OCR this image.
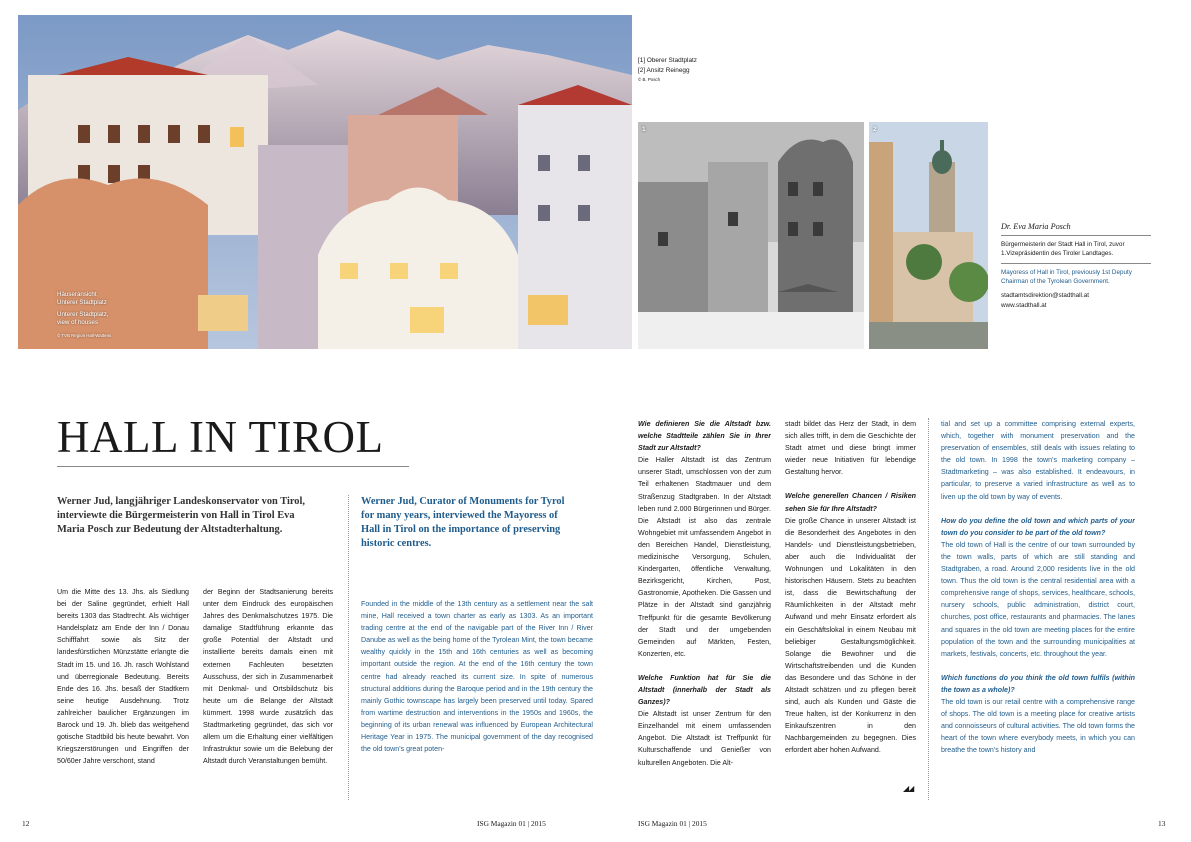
Häuseransicht
Unterer Stadtplatz
Unterer Stadtplatz,
view of houses
© TVB Region Hall-Wattens
1	2
[1] Oberer Stadtplatz
[2] Ansitz Reinegg
© B. Posch
Dr. Eva Maria Posch
Bürgermeisterin der Stadt Hall in Tirol, zuvor 1.Vizepräsidentin des Tiroler Landtages.
Mayoress of Hall in Tirol, previously 1st Deputy Chairman of the Tyrolean Government.
stadtamtsdirektion@stadthall.at
www.stadthall.at
HALL IN TIROL
Werner Jud, langjähriger Landeskonservator von Tirol, interviewte die Bürgermeisterin von Hall in Tirol Eva Maria Posch zur Bedeutung der Altstadterhaltung.
Werner Jud, Curator of Monuments for Tyrol for many years, interviewed the Mayoress of Hall in Tirol on the importance of preserving historic centres.

Um die Mitte des 13. Jhs. als Siedlung bei der Saline gegründet, erhielt Hall bereits 1303 das Stadtrecht. Als wichtiger Handelsplatz am Ende der Inn / Donau Schifffahrt sowie als Sitz der landesfürstlichen Münzstätte erlangte die Stadt im 15. und 16. Jh. rasch Wohlstand und überregionale Bedeutung. Bereits Ende des 16. Jhs. besaß der Stadtkern seine heutige Ausdehnung. Trotz zahlreicher baulicher Ergänzungen im Barock und 19. Jh. blieb das weitgehend gotische Stadtbild bis heute bewahrt. Von Kriegszerstörungen und Eingriffen der 50/60er Jahre verschont, stand

der Beginn der Stadtsanierung bereits unter dem Eindruck des europäischen Jahres des Denkmalschutzes 1975. Die damalige Stadtführung erkannte das große Potential der Altstadt und installierte bereits damals einen mit externen Fachleuten besetzten Ausschuss, der sich in Zusammenarbeit mit Denkmal- und Ortsbildschutz bis heute um die Belange der Altstadt kümmert. 1998 wurde zusätzlich das Stadtmarketing gegründet, das sich vor allem um die Erhaltung einer vielfältigen Infrastruktur sowie um die Belebung der Altstadt durch Veranstaltungen bemüht.

Founded in the middle of the 13th century as a settlement near the salt mine, Hall received a town charter as early as 1303. As an important trading centre at the end of the navigable part of the River Inn / River Danube as well as the being home of the Tyrolean Mint, the town became wealthy quickly in the 15th and 16th centuries as well as becoming important outside the region. At the end of the 16th century the town centre had already reached its current size. In spite of numerous structural additions during the Baroque period and in the 19th century the mainly Gothic townscape has largely been preserved until today. Spared from wartime destruction and interventions in the 1950s and 1960s, the beginning of its urban renewal was influenced by European Architectural Heritage Year in 1975. The municipal government of the day recognised the old town's great poten-

Wie definieren Sie die Altstadt bzw. welche Stadtteile zählen Sie in Ihrer Stadt zur Altstadt?

Die Haller Altstadt ist das Zentrum unserer Stadt, umschlossen von der zum Teil erhaltenen Stadtmauer und dem Straßenzug Stadtgraben. In der Altstadt leben rund 2.000 Bürgerinnen und Bürger. Die Altstadt ist also das zentrale Wohngebiet mit umfassendem Angebot in den Bereichen Handel, Dienstleistung, medizinische Versorgung, Schulen, Kindergarten, öffentliche Verwaltung, Bezirksgericht, Kirchen, Post, Gastronomie, Apotheken. Die Gassen und Plätze in der Altstadt sind ganzjährig Treffpunkt für die gesamte Bevölkerung der Stadt und der umgebenden Gemeinden auf Märkten, Festen, Konzerten, etc.

Welche Funktion hat für Sie die Altstadt (innerhalb der Stadt als Ganzes)?

Die Altstadt ist unser Zentrum für den Einzelhandel mit einem umfassenden Angebot. Die Altstadt ist Treffpunkt für Kulturschaffende und Genießer von kulturellen Angeboten. Die Alt-

stadt bildet das Herz der Stadt, in dem sich alles trifft, in dem die Geschichte der Stadt atmet und diese bringt immer wieder neue Initiativen für lebendige Gestaltung hervor.

Welche generellen Chancen / Risiken sehen Sie für Ihre Altstadt?

Die große Chance in unserer Altstadt ist die Besonderheit des Angebotes in den Handels- und Dienstleistungsbetrieben, aber auch die Individualität der Wohnungen und Lokalitäten in den historischen Häusern. Stets zu beachten ist, dass die Bewirtschaftung der Räumlichkeiten in der Altstadt mehr Aufwand und mehr Einsatz erfordert als ein Geschäftslokal in einem Neubau mit beliebiger Gestaltungsmöglichkeit. Solange die Bewohner und die Wirtschaftstreibenden und die Kunden das Besondere und das Schöne in der Altstadt schätzen und zu pflegen bereit sind, auch als Kunden und Gäste die Treue halten, ist der Konkurrenz in den Einkaufszentren in den Nachbargemeinden zu begegnen. Dies erfordert aber hohen Aufwand.

◢◢

tial and set up a committee comprising external experts, which, together with monument preservation and the preservation of ensembles, still deals with issues relating to the old town. In 1998 the town's marketing company – Stadtmarketing – was also established. It endeavours, in particular, to preserve a varied infrastructure as well as to liven up the old town by way of events.

How do you define the old town and which parts of your town do you consider to be part of the old town?

The old town of Hall is the centre of our town surrounded by the town walls, parts of which are still standing and Stadtgraben, a road. Around 2,000 residents live in the old town. Thus the old town is the central residential area with a comprehensive range of shops, services, healthcare, schools, nursery schools, public administration, district court, churches, post office, restaurants and pharmacies. The lanes and squares in the old town are meeting places for the entire population of the town and the surrounding municipalities at markets, festivals, concerts, etc. throughout the year.

Which functions do you think the old town fulfils (within the town as a whole)?

The old town is our retail centre with a comprehensive range of shops. The old town is a meeting place for creative artists and connoisseurs of cultural activities. The old town forms the heart of the town where everybody meets, in which you can breathe the town's history and

12	ISG Magazin 01 | 2015	ISG Magazin 01 | 2015	13
